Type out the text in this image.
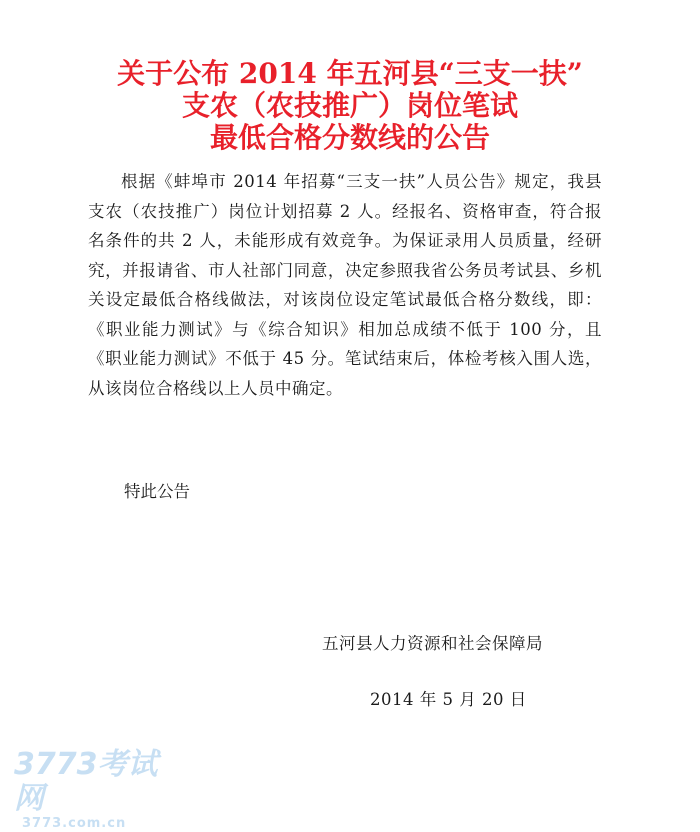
关于公布 2014 年五河县“三支一扶”
支农（农技推广）岗位笔试
最低合格分数线的公告
根据《蚌埠市 2014 年招募“三支一扶”人员公告》规定，我县支农（农技推广）岗位计划招募 2 人。经报名、资格审查，符合报名条件的共 2 人，未能形成有效竞争。为保证录用人员质量，经研究，并报请省、市人社部门同意，决定参照我省公务员考试县、乡机关设定最低合格线做法，对该岗位设定笔试最低合格分数线，即：《职业能力测试》与《综合知识》相加总成绩不低于 100 分，且《职业能力测试》不低于 45 分。笔试结束后，体检考核入围人选，从该岗位合格线以上人员中确定。
特此公告
五河县人力资源和社会保障局
2014 年 5 月 20 日
3773考试网
3773.com.cn
